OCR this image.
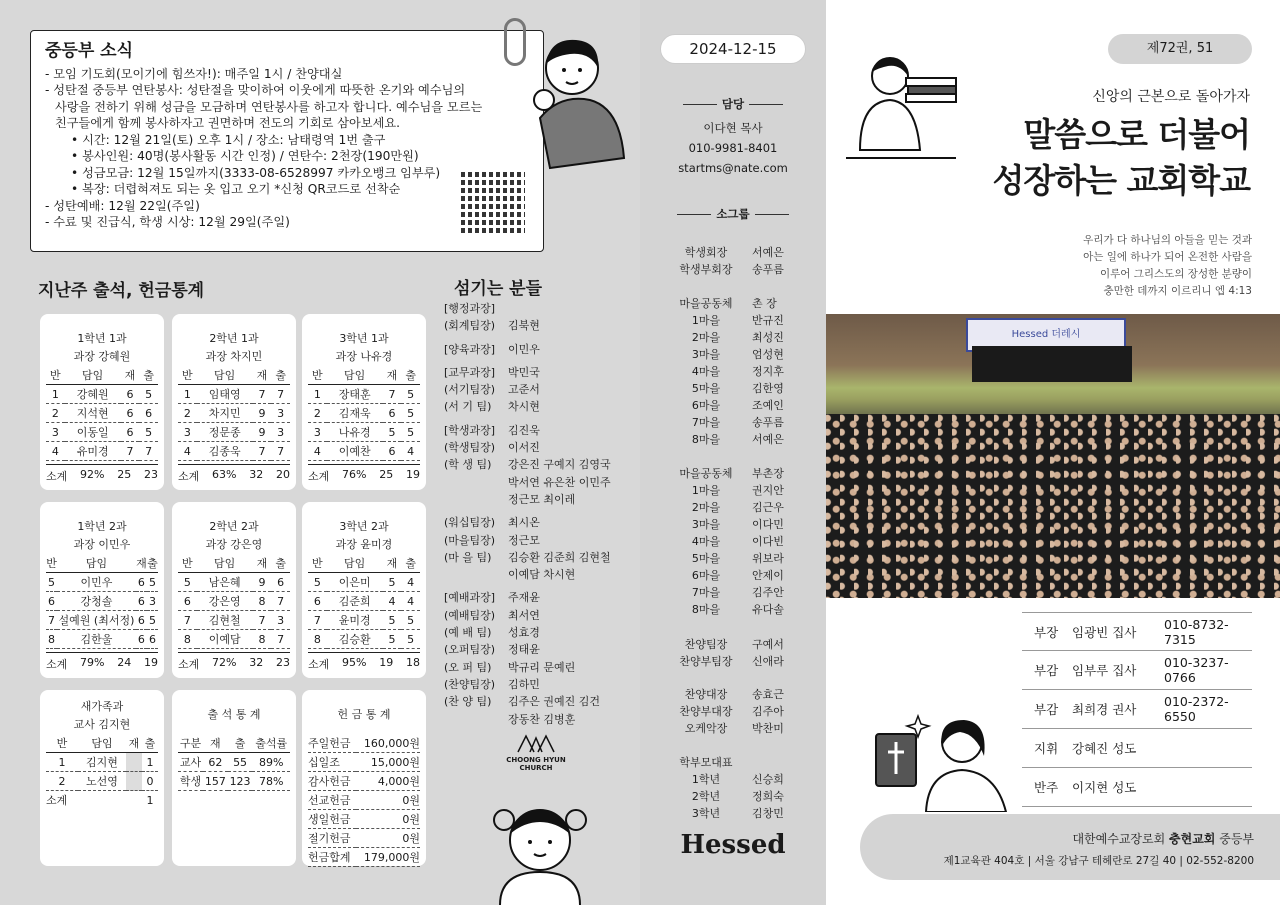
중등부 소식
- 모임 기도회(모이기에 힘쓰자!): 매주일 1시 / 찬양대실
- 성탄절 중등부 연탄봉사: 성탄절을 맞이하여 이웃에게 따뜻한 온기와 예수님의
사랑을 전하기 위해 성금을 모금하며 연탄봉사를 하고자 합니다. 예수님을 모르는
친구들에게 함께 봉사하자고 권면하며 전도의 기회로 삼아보세요.
• 시간: 12월 21일(토) 오후 1시 / 장소: 남태령역 1번 출구
• 봉사인원: 40명(봉사활동 시간 인정) / 연탄수: 2천장(190만원)
• 성금모금: 12월 15일까지(3333-08-6528997 카카오뱅크 임부루)
• 복장: 더렵혀져도 되는 옷 입고 오기 *신청 QR코드로 선착순
- 성탄예배: 12월 22일(주일)
- 수료 및 진급식, 학생 시상: 12월 29일(주일)
지난주 출석, 헌금통계	섬기는 분들
1학년 1과
과장 강혜원
반	담임	재	출
1	강혜원	6	5
2	지석현	6	6
3	이동일	6	5
4	유미경	7	7
소계 92% 25 23
2학년 1과
과장 차지민
반	담임	재	출
1	임태영	7	7
2	차지민	9	3
3	정문종	9	3
4	김종욱	7	7
소계 63% 32 20
3학년 1과
과장 나유경
반	담임	재	출
1	장태훈	7	5
2	김재욱	6	5
3	나유경	5	5
4	이예찬	6	4
소계 76% 25 19
1학년 2과
과장 이민우
반	담임	재	출
5	이민우	6	5
6	강청솔	6	3
7	설예원 (최서정)	6	5
8	김한울	6	6
소계 79% 24 19
2학년 2과
과장 강은영
반	담임	재	출
5	남은혜	9	6
6	강은영	8	7
7	김현철	7	3
8	이예담	8	7
소계 72% 32 23
3학년 2과
과장 윤미경
반	담임	재	출
5	이은미	5	4
6	김준희	4	4
7	윤미경	5	5
8	김승환	5	5
소계 95% 19 18
새가족과
교사 김지현
반	담임	재	출
1	김지현		1
2	노선영		0
소계			1
출 석 통 계
구분	재	출	출석률
교사	62	55	89%
학생	157	123	78%
헌 금 통 계
주일헌금	160,000원
십일조	15,000원
감사헌금	4,000원
선교헌금	0원
생일헌금	0원
절기헌금	0원
헌금합계	179,000원
[행정과장]
(회계팀장)	김북현
[양육과장]	이민우
[교무과장]	박민국
(서기팀장)	고준서
(서 기 팀)	차시현
[학생과장]	김진욱
(학생팀장)	이서진
(학 생 팀)	강은진 구예지 김영국
박서연 유은찬 이민주
정근모 최이레
(워십팀장)	최시온
(마을팀장)	정근모
(마 을 팀)	김승환 김준희 김현철
이예담 차시현
[예배과장]	주재윤
(예배팀장)	최서연
(예 배 팀)	성효경
(오퍼팀장)	정태윤
(오 퍼 팀)	박규리 문예린
(찬양팀장)	김하민
(찬 양 팀)	김주은 권예진 김건
장동찬 김병훈
CHOONG HYUN CHURCH
2024-12-15
담당
이다현 목사
010-9981-8401
startms@nate.com
소그룹
학생회장	서예은
학생부회장	송푸름
마을공동체	촌 장
1마을	반규진
2마을	최성진
3마을	엄성현
4마을	정지후
5마을	김한영
6마을	조예인
7마을	송푸름
8마을	서예은
마을공동체	부촌장
1마을	권지안
2마을	김근우
3마을	이다민
4마을	이다빈
5마을	위보라
6마을	안제이
7마을	김주안
8마을	유다솔
찬양팀장	구예서
찬양부팀장	신애라
찬양대장	송효근
찬양부대장	김주아
오케악장	박찬미
학부모대표
1학년	신승희
2학년	정희숙
3학년	김창민
Hessed
제72권, 51
신앙의 근본으로 돌아가자
말씀으로 더불어
성장하는 교회학교
우리가 다 하나님의 아들을 믿는 것과
아는 일에 하나가 되어 온전한 사람을
이루어 그리스도의 장성한 분량이
충만한 데까지 이르리니 엡 4:13
Hessed 더레시
부장	임광빈 집사
010-8732-7315
부감	임부루 집사
010-3237-0766
부감	최희경 권사
010-2372-6550
지휘	강혜진 성도
반주	이지현 성도
대한예수교장로회 충현교회 중등부
제1교육관 404호 | 서울 강남구 테헤란로 27길 40 | 02-552-8200
